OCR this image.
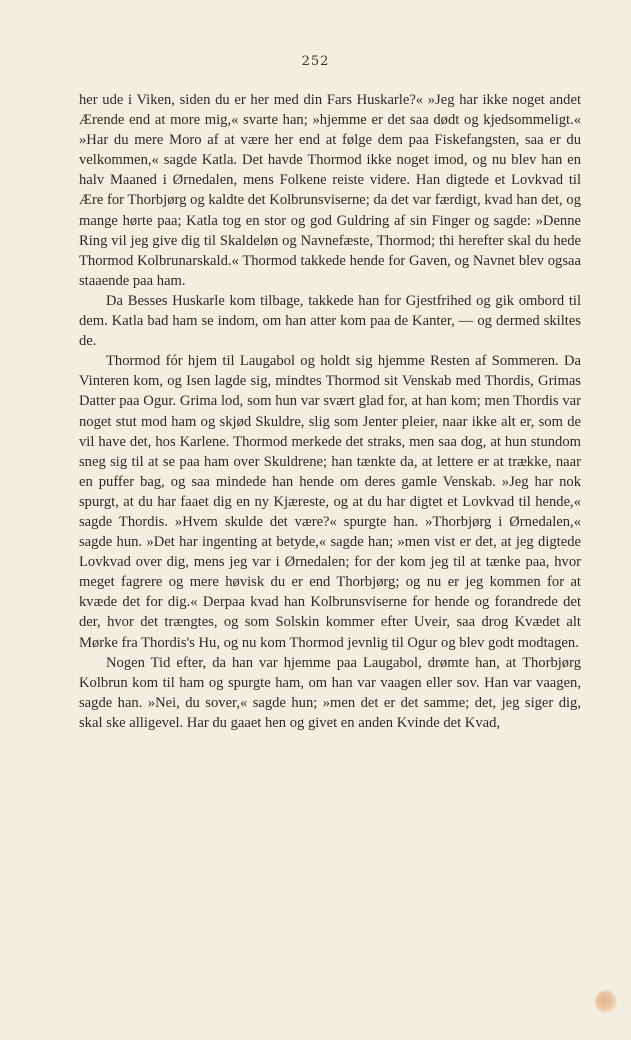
252

her ude i Viken, siden du er her med din Fars Huskarle?« »Jeg har ikke noget andet Ærende end at more mig,« svarte han; »hjemme er det saa dødt og kjedsommeligt.« »Har du mere Moro af at være her end at følge dem paa Fiskefangsten, saa er du velkommen,« sagde Katla. Det havde Thormod ikke noget imod, og nu blev han en halv Maaned i Ørnedalen, mens Folkene reiste videre. Han digtede et Lovkvad til Ære for Thorbjørg og kaldte det Kolbrunsviserne; da det var færdigt, kvad han det, og mange hørte paa; Katla tog en stor og god Guldring af sin Finger og sagde: »Denne Ring vil jeg give dig til Skaldeløn og Navnefæste, Thormod; thi herefter skal du hede Thormod Kolbrunarskald.« Thormod takkede hende for Gaven, og Navnet blev ogsaa staaende paa ham.

Da Besses Huskarle kom tilbage, takkede han for Gjestfrihed og gik ombord til dem. Katla bad ham se indom, om han atter kom paa de Kanter, — og dermed skiltes de.

Thormod fór hjem til Laugabol og holdt sig hjemme Resten af Sommeren. Da Vinteren kom, og Isen lagde sig, mindtes Thormod sit Venskab med Thordis, Grimas Datter paa Ogur. Grima lod, som hun var svært glad for, at han kom; men Thordis var noget stut mod ham og skjød Skuldre, slig som Jenter pleier, naar ikke alt er, som de vil have det, hos Karlene. Thormod merkede det straks, men saa dog, at hun stundom sneg sig til at se paa ham over Skuldrene; han tænkte da, at lettere er at trække, naar en puffer bag, og saa mindede han hende om deres gamle Venskab. »Jeg har nok spurgt, at du har faaet dig en ny Kjæreste, og at du har digtet et Lovkvad til hende,« sagde Thordis. »Hvem skulde det være?« spurgte han. »Thorbjørg i Ørnedalen,« sagde hun. »Det har ingenting at betyde,« sagde han; »men vist er det, at jeg digtede Lovkvad over dig, mens jeg var i Ørnedalen; for der kom jeg til at tænke paa, hvor meget fagrere og mere høvisk du er end Thorbjørg; og nu er jeg kommen for at kvæde det for dig.« Derpaa kvad han Kolbrunsviserne for hende og forandrede det der, hvor det trængtes, og som Solskin kommer efter Uveir, saa drog Kvædet alt Mørke fra Thordis's Hu, og nu kom Thormod jevnlig til Ogur og blev godt modtagen.

Nogen Tid efter, da han var hjemme paa Laugabol, drømte han, at Thorbjørg Kolbrun kom til ham og spurgte ham, om han var vaagen eller sov. Han var vaagen, sagde han. »Nei, du sover,« sagde hun; »men det er det samme; det, jeg siger dig, skal ske alligevel. Har du gaaet hen og givet en anden Kvinde det Kvad,
